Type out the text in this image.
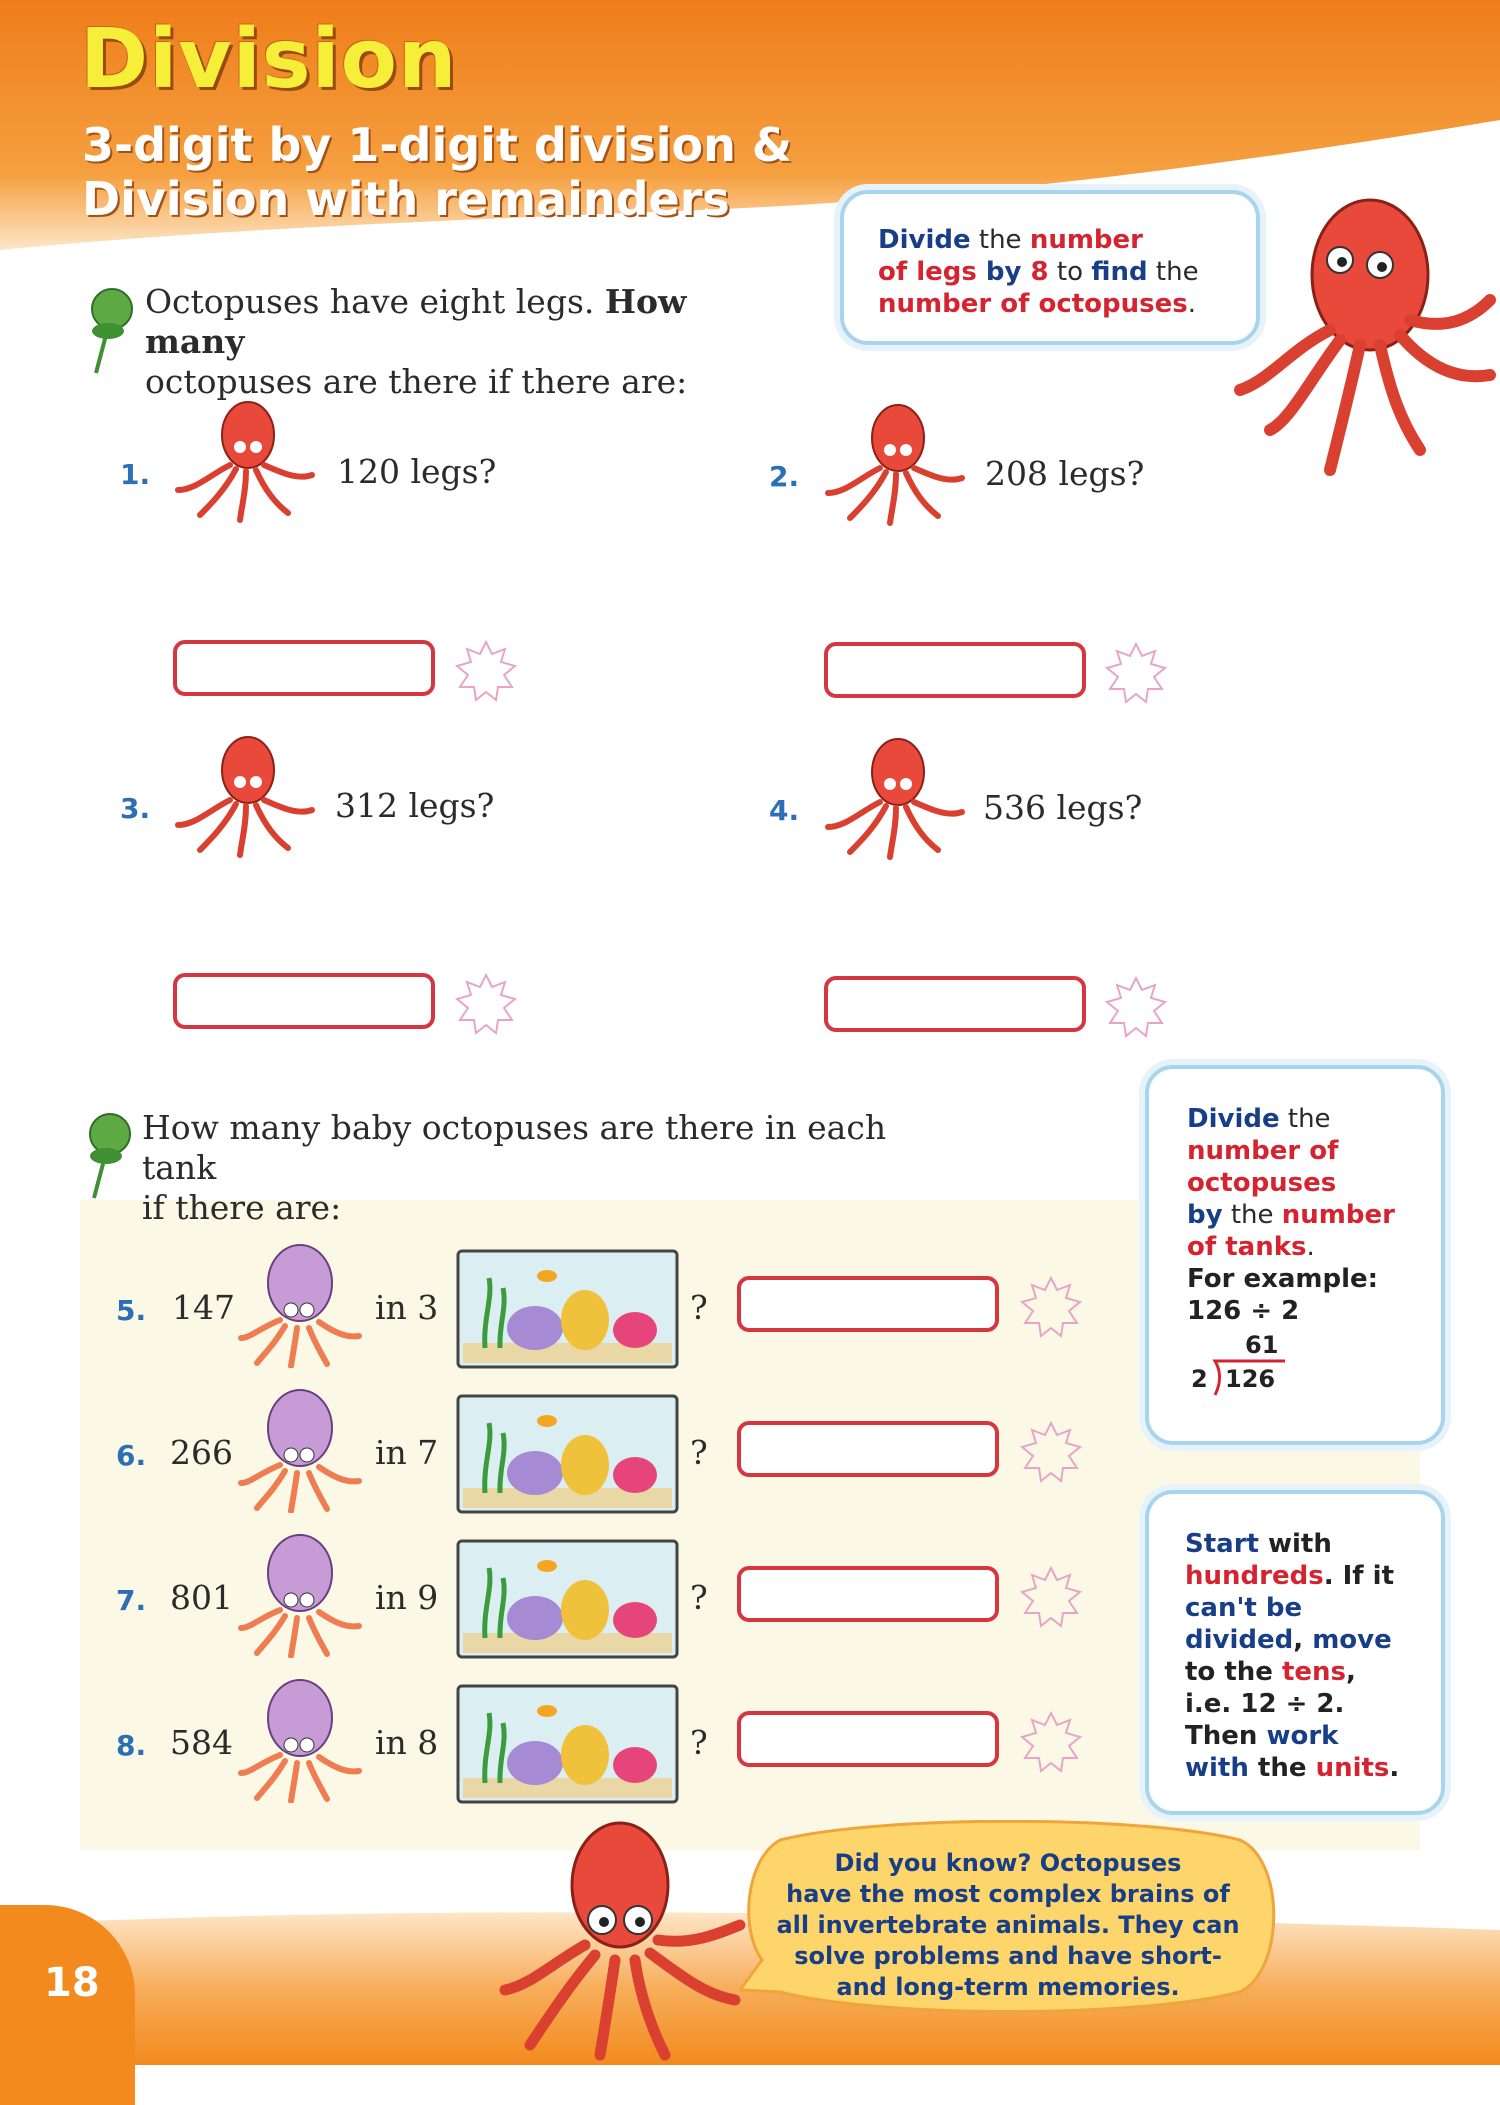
Division
3-digit by 1-digit division &
Division with remainders
Divide the number
of legs by 8 to find the
number of octopuses.
Octopuses have eight legs. How many
octopuses are there if there are:
1.	120 legs?	2.	208 legs?
3.	312 legs?	4.	536 legs?
How many baby octopuses are there in each tank
if there are:
5. 147	in 3	?
6. 266	in 7	?
7. 801	in 9	?
8. 584	in 8	?
Divide the
number of
octopuses
by the number
of tanks.
For example:
126 ÷ 2
61
2 126
Start with
hundreds. If it
can't be
divided, move
to the tens,
i.e. 12 ÷ 2.
Then work
with the units.
18
Did you know? Octopuses
have the most complex brains of
all invertebrate animals. They can
solve problems and have short-
and long-term memories.
